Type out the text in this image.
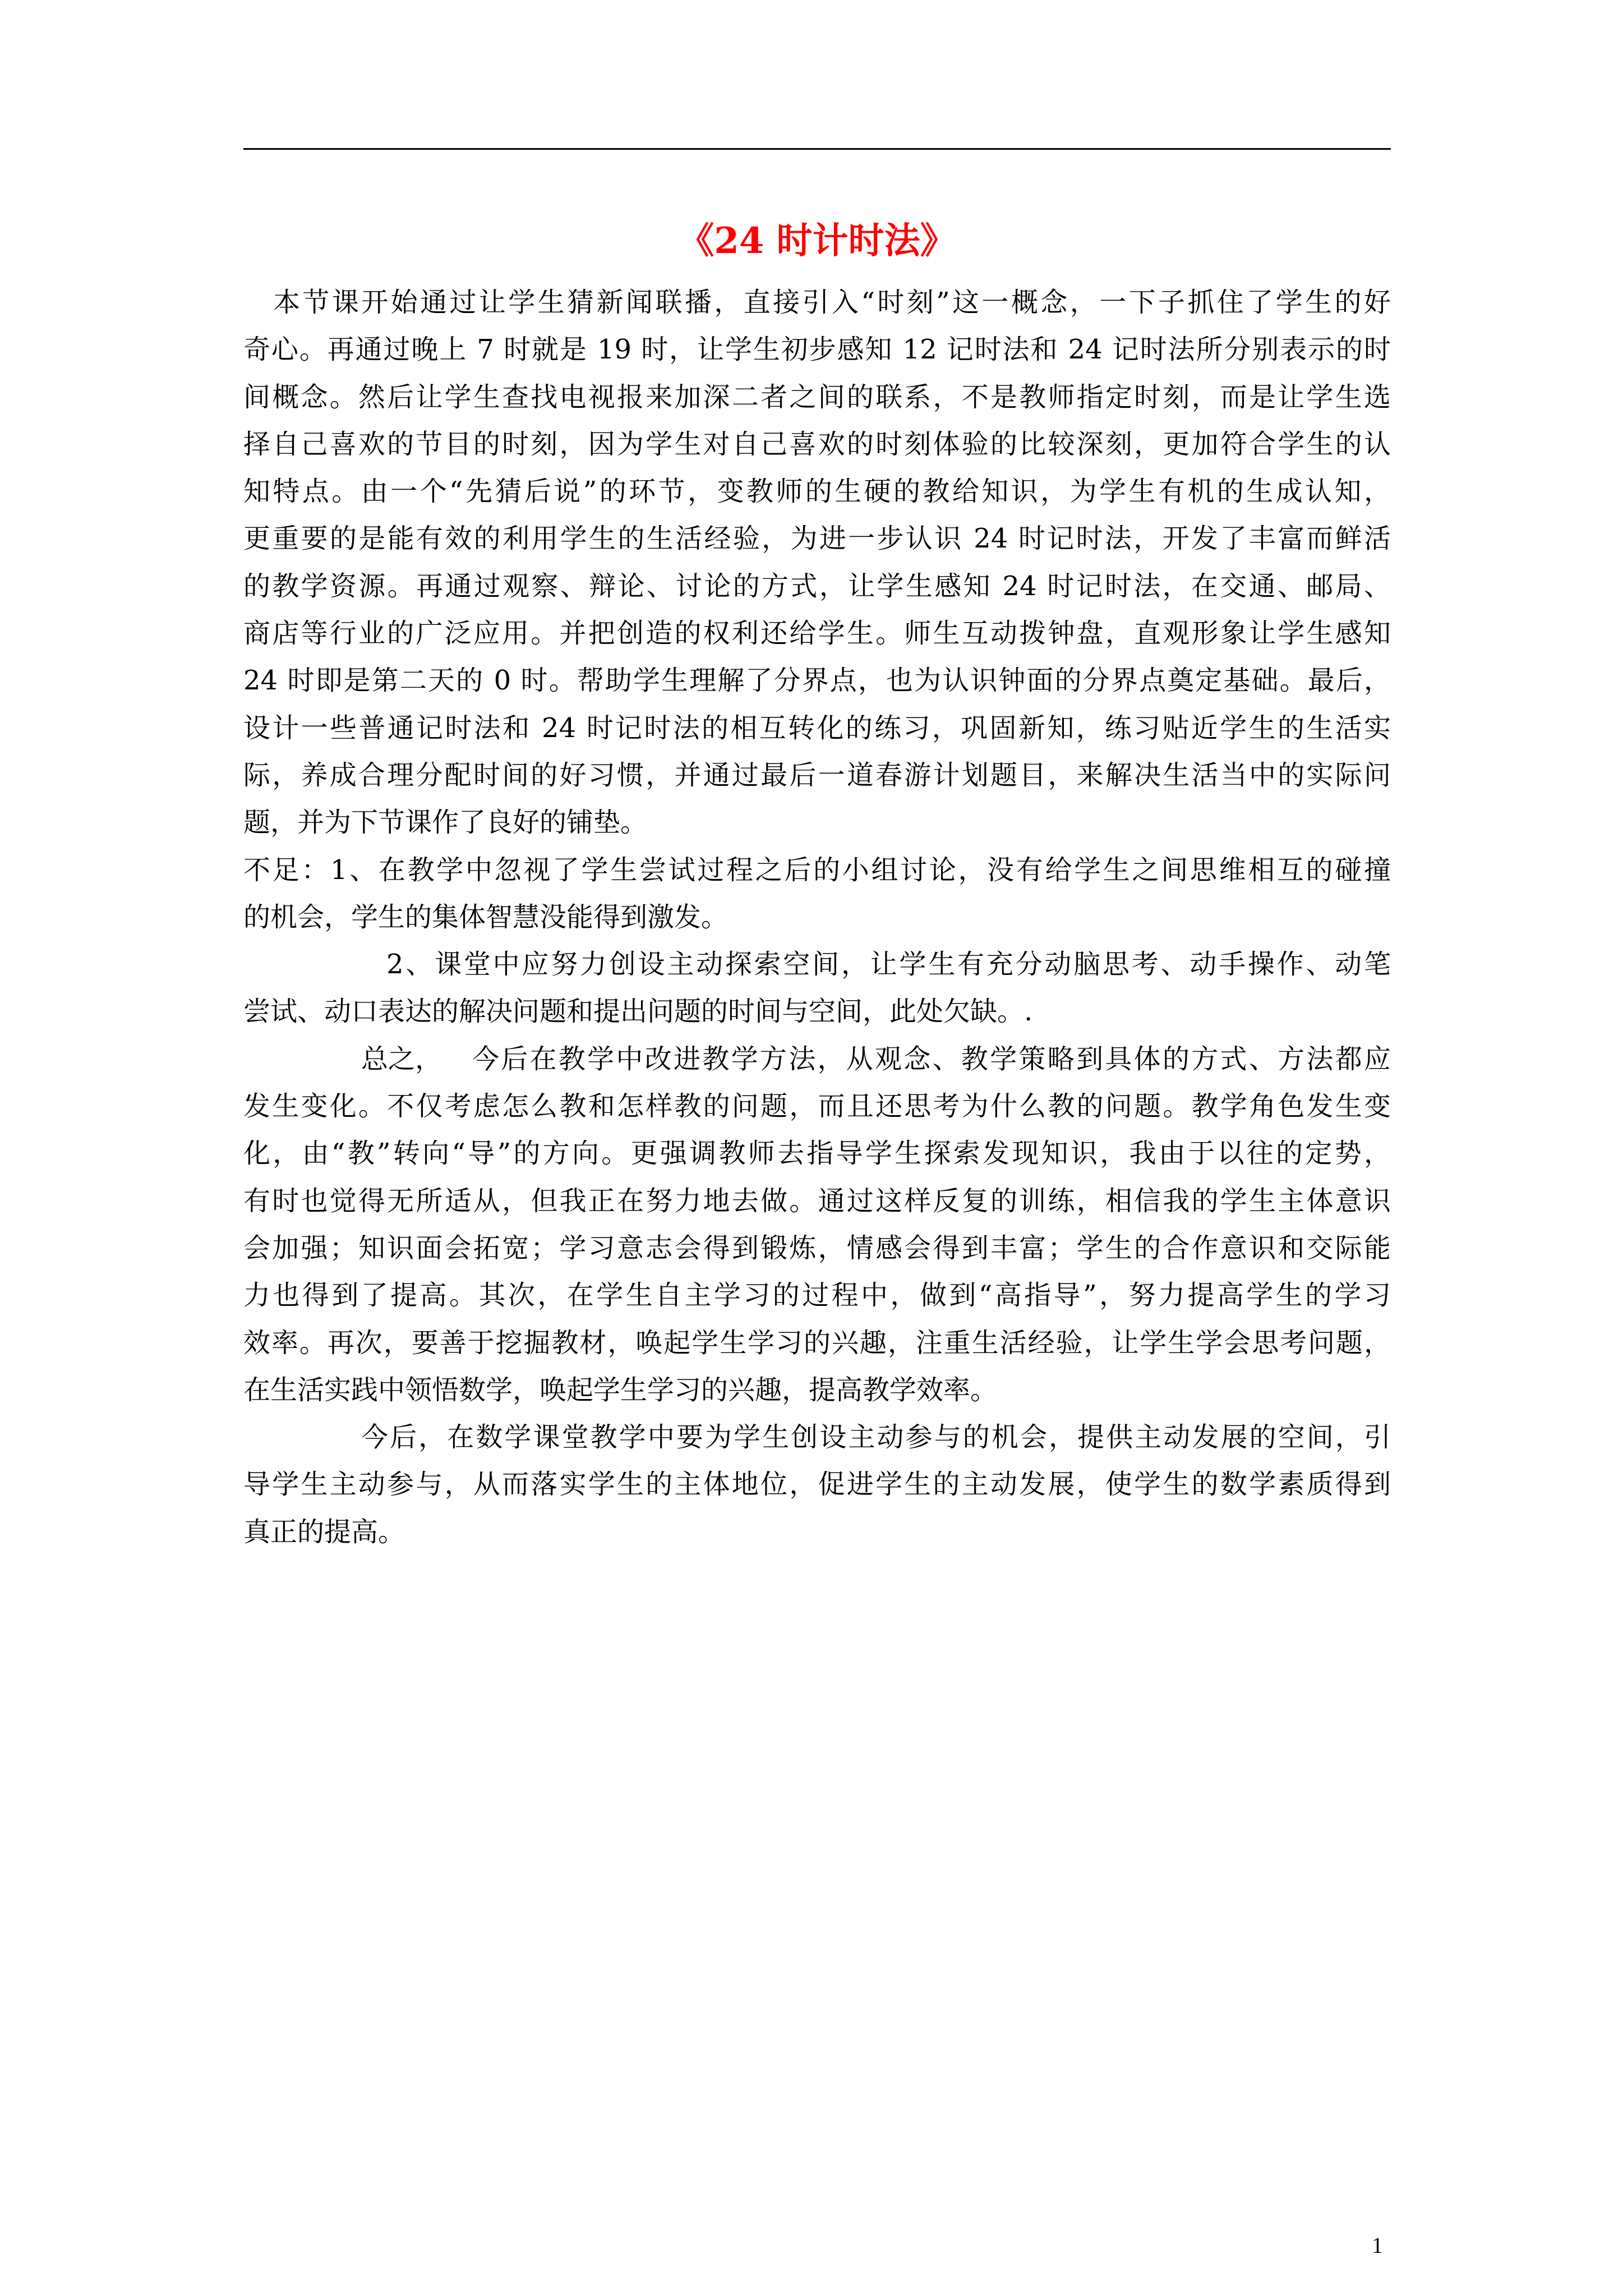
《24 时计时法》
本节课开始通过让学生猜新闻联播，直接引入“时刻”这一概念，一下子抓住了学生的好
奇心。再通过晚上 7 时就是 19 时，让学生初步感知 12 记时法和 24 记时法所分别表示的时
间概念。然后让学生查找电视报来加深二者之间的联系，不是教师指定时刻，而是让学生选
择自己喜欢的节目的时刻，因为学生对自己喜欢的时刻体验的比较深刻，更加符合学生的认
知特点。由一个“先猜后说”的环节，变教师的生硬的教给知识，为学生有机的生成认知，
更重要的是能有效的利用学生的生活经验，为进一步认识 24 时记时法，开发了丰富而鲜活
的教学资源。再通过观察、辩论、讨论的方式，让学生感知 24 时记时法，在交通、邮局、
商店等行业的广泛应用。并把创造的权利还给学生。师生互动拨钟盘，直观形象让学生感知
24 时即是第二天的 0 时。帮助学生理解了分界点，也为认识钟面的分界点奠定基础。最后，
设计一些普通记时法和 24 时记时法的相互转化的练习，巩固新知，练习贴近学生的生活实
际，养成合理分配时间的好习惯，并通过最后一道春游计划题目，来解决生活当中的实际问
题，并为下节课作了良好的铺垫。
不足：1、在教学中忽视了学生尝试过程之后的小组讨论，没有给学生之间思维相互的碰撞
的机会，学生的集体智慧没能得到激发。
2、课堂中应努力创设主动探索空间，让学生有充分动脑思考、动手操作、动笔
尝试、动口表达的解决问题和提出问题的时间与空间，此处欠缺。.
总之，	今后在教学中改进教学方法，从观念、教学策略到具体的方式、方法都应
发生变化。不仅考虑怎么教和怎样教的问题，而且还思考为什么教的问题。教学角色发生变
化，由“教”转向“导”的方向。更强调教师去指导学生探索发现知识，我由于以往的定势，
有时也觉得无所适从，但我正在努力地去做。通过这样反复的训练，相信我的学生主体意识
会加强；知识面会拓宽；学习意志会得到锻炼，情感会得到丰富；学生的合作意识和交际能
力也得到了提高。其次，在学生自主学习的过程中，做到“高指导”，努力提高学生的学习
效率。再次，要善于挖掘教材，唤起学生学习的兴趣，注重生活经验，让学生学会思考问题，
在生活实践中领悟数学，唤起学生学习的兴趣，提高教学效率。
今后，在数学课堂教学中要为学生创设主动参与的机会，提供主动发展的空间，引
导学生主动参与，从而落实学生的主体地位，促进学生的主动发展，使学生的数学素质得到
真正的提高。
1
